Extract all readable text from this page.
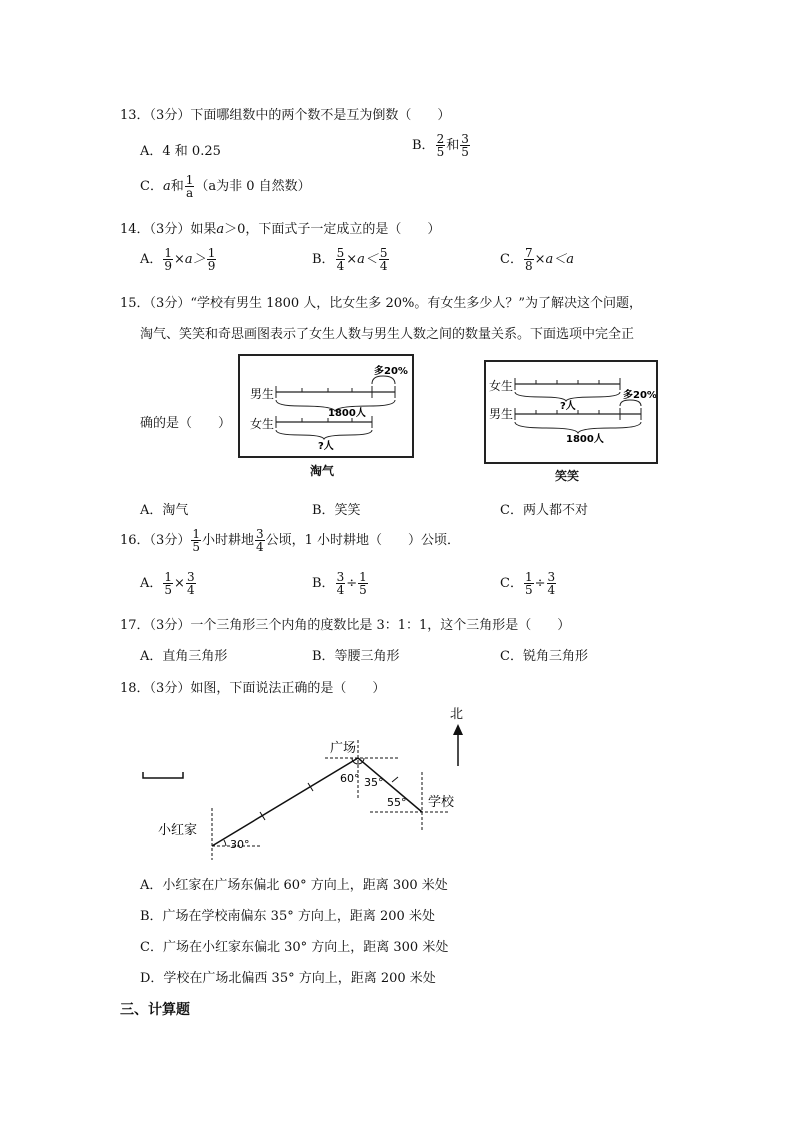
13．（3分）下面哪组数中的两个数不是互为倒数（　　）
A．4 和 0.25	B． $\frac{2}{5}$ 和 $\frac{3}{5}$
C．a和 $\frac{1}{a} (a$为非 0 自然数）
14．（3分）如果a＞0，下面式子一定成立的是（　　）
A． $\frac{1}{9} \times a> \frac{1}{9}$	B． $\frac{5}{4} \times a< \frac{5}{4}$	C． $\frac{7}{8} \times a<a$
15．（3分）“学校有男生 1800 人，比女生多 20%。有女生多少人？”为了解决这个问题，
淘气、笑笑和奇思画图表示了女生人数与男生人数之间的数量关系。下面选项中完全正
确的是（　　）
男生
女生
多20%
1800人
?人
淘气
女生
男生
?人
多20%
1800人
笑笑
A．淘气	B．笑笑	C．两人都不对
16．（3分） $\frac{1}{5}$ 小时耕地 $\frac{3}{4}$ 公顷，1 小时耕地（　　）公顷．
A． $\frac{1}{5} \times \frac{3}{4}$	B． $\frac{3}{4} \div \frac{1}{5}$	C． $\frac{1}{5} \div \frac{3}{4}$
17．（3分）一个三角形三个内角的度数比是 3：1：1，这个三角形是（　　）
A．直角三角形	B．等腰三角形	C．锐角三角形
18．（3分）如图，下面说法正确的是（　　）
北
广场
60° 35°
学校
55°
小红家
30°
A．小红家在广场东偏北 60° 方向上，距离 300 米处
B．广场在学校南偏东 35° 方向上，距离 200 米处
C．广场在小红家东偏北 30° 方向上，距离 300 米处
D．学校在广场北偏西 35° 方向上，距离 200 米处
三、计算题
